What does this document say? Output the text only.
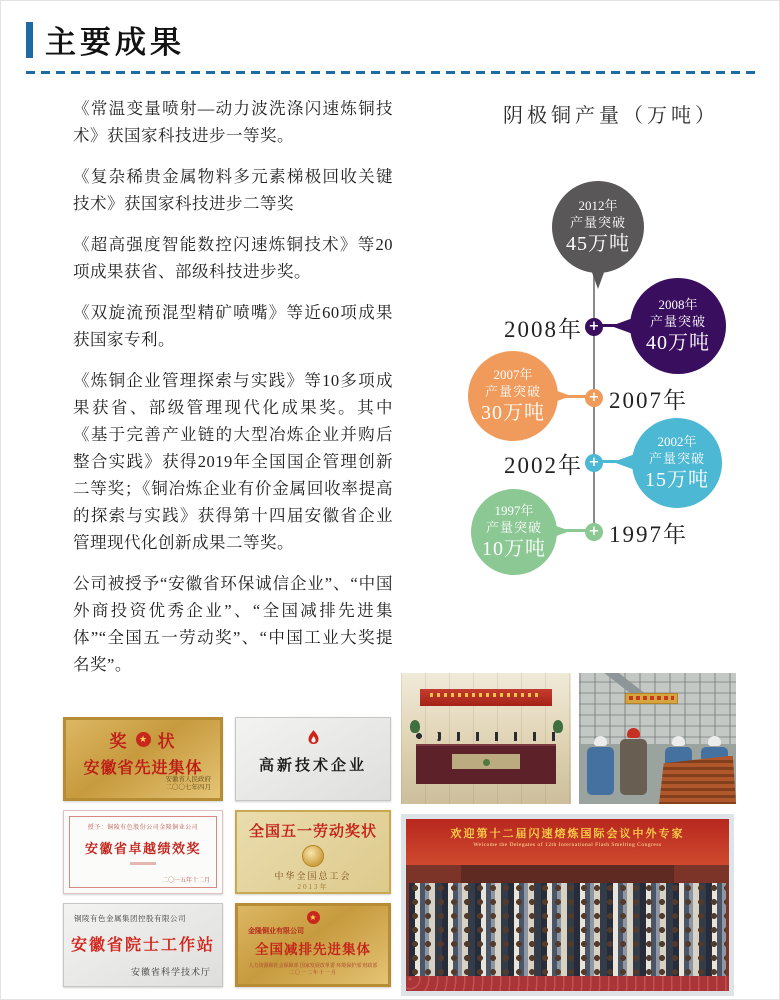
主要成果
《常温变量喷射—动力波洗涤闪速炼铜技术》获国家科技进步一等奖。
《复杂稀贵金属物料多元素梯极回收关键技术》获国家科技进步二等奖
《超高强度智能数控闪速炼铜技术》等20项成果获省、部级科技进步奖。
《双旋流预混型精矿喷嘴》等近60项成果获国家专利。
《炼铜企业管理探索与实践》等10多项成果获省、部级管理现代化成果奖。其中《基于完善产业链的大型冶炼企业并购后整合实践》获得2019年全国国企管理创新二等奖；《铜冶炼企业有价金属回收率提高的探索与实践》获得第十四届安徽省企业管理现代化创新成果二等奖。
公司被授予“安徽省环保诚信企业”、“中国外商投资优秀企业”、“全国减排先进集体”“全国五一劳动奖”、“中国工业大奖提名奖”。
阴极铜产量（万吨）
2012年
产量突破
45万吨
2008年
产量突破
40万吨
+
2008年
2007年
产量突破
30万吨
+ 2007年
2002年
产量突破
15万吨
+
2002年
1997年
产量突破
10万吨
+ 1997年
奖	★ 状
安徽省先进集体
安徽省人民政府
二〇〇七年四月
高新技术企业
授予：铜陵有色股份公司金隆铜业公司
安徽省卓越绩效奖
二〇一五年十二月
全国五一劳动奖状
中华全国总工会
2013年
铜陵有色金属集团控股有限公司
安徽省院士工作站
安徽省科学技术厅
★
金隆铜业有限公司
全国减排先进集体
人力资源和社会保障部 国家发展改革委 环境保护部 财政部
二〇一二年十一月
欢迎第十二届闪速熔炼国际会议中外专家
Welcome the Delegates of 12th International Flash Smelting Congress
